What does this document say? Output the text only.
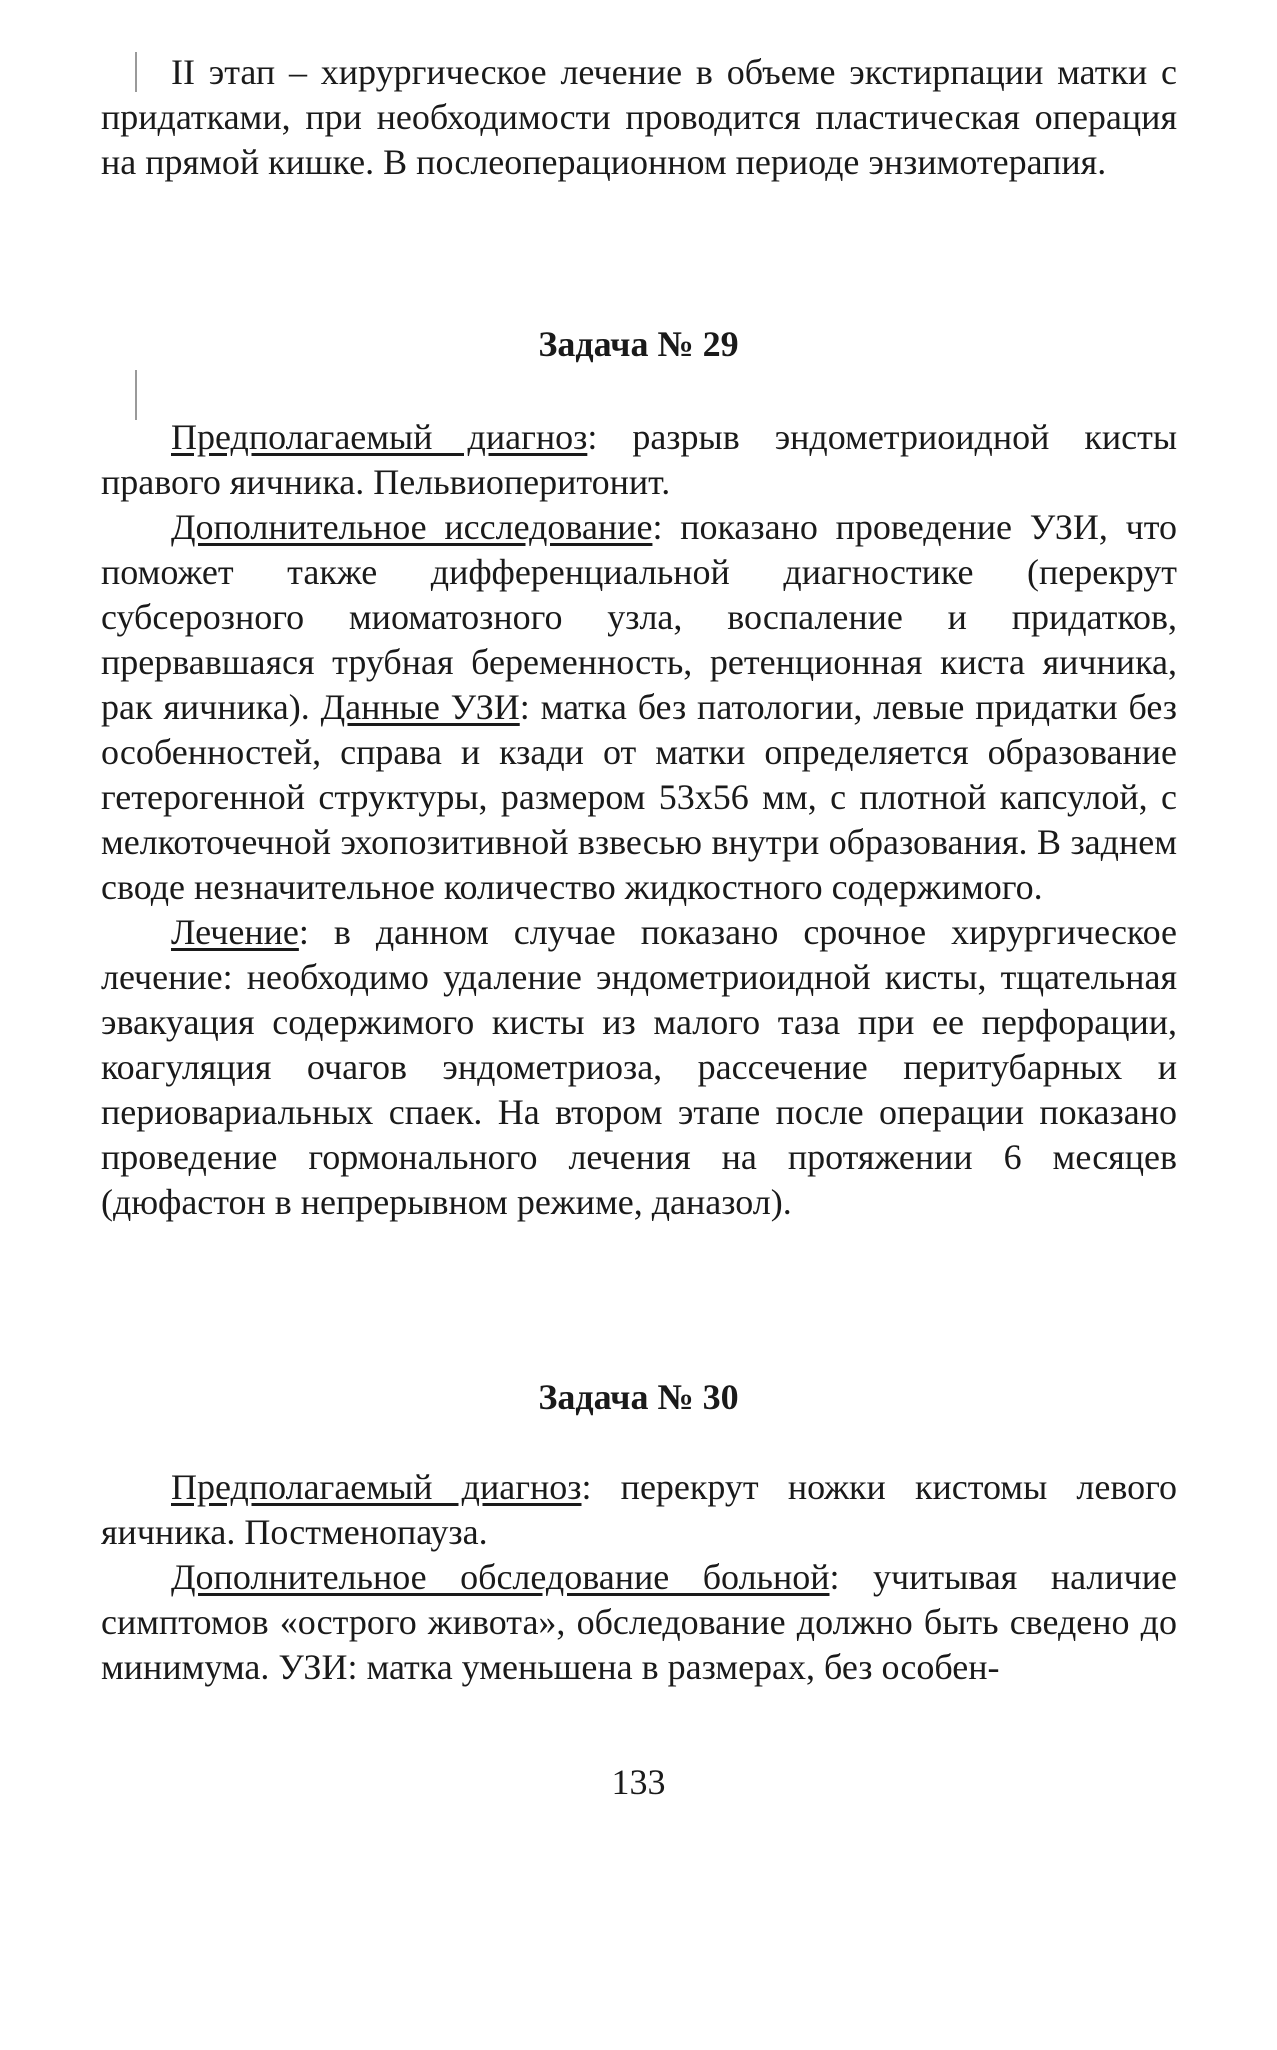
II этап – хирургическое лечение в объеме экстирпации матки с придатками, при необходимости проводится пластическая операция на прямой кишке. В послеоперационном периоде энзимотерапия.

Задача № 29

Предполагаемый диагноз: разрыв эндометриоидной кисты правого яичника. Пельвиоперитонит.

Дополнительное исследование: показано проведение УЗИ, что поможет также дифференциальной диагностике (перекрут субсерозного миоматозного узла, воспаление и придатков, прервавшаяся трубная беременность, ретенционная киста яичника, рак яичника). Данные УЗИ: матка без патологии, левые придатки без особенностей, справа и кзади от матки определяется образование гетерогенной структуры, размером 53х56 мм, с плотной капсулой, с мелкоточечной эхопозитивной взвесью внутри образования. В заднем своде незначительное количество жидкостного содержимого.

Лечение: в данном случае показано срочное хирургическое лечение: необходимо удаление эндометриоидной кисты, тщательная эвакуация содержимого кисты из малого таза при ее перфорации, коагуляция очагов эндометриоза, рассечение перитубарных и периовариальных спаек. На втором этапе после операции показано проведение гормонального лечения на протяжении 6 месяцев (дюфастон в непрерывном режиме, даназол).

Задача № 30

Предполагаемый диагноз: перекрут ножки кистомы левого яичника. Постменопауза.

Дополнительное обследование больной: учитывая наличие симптомов «острого живота», обследование должно быть сведено до минимума. УЗИ: матка уменьшена в размерах, без особен-

133
